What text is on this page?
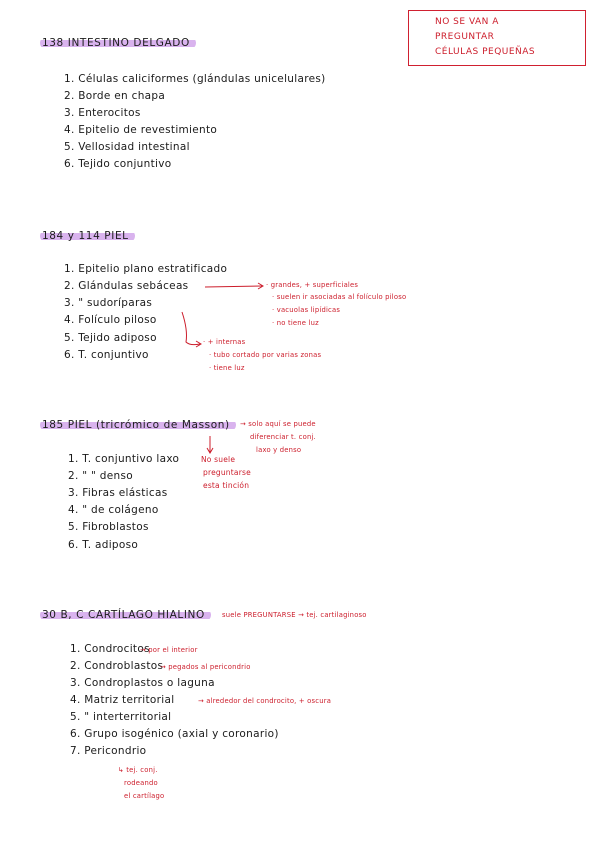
NO SE VAN A
PREGUNTAR
CÉLULAS PEQUEÑAS
138 INTESTINO DELGADO
1. Células caliciformes (glándulas unicelulares)
2. Borde en chapa
3. Enterocitos
4. Epitelio de revestimiento
5. Vellosidad intestinal
6. Tejido conjuntivo
184 y 114 PIEL
1. Epitelio plano estratificado
2. Glándulas sebáceas
3. " sudoríparas
4. Folículo piloso
5. Tejido adiposo
6. T. conjuntivo
· grandes, + superficiales
· suelen ir asociadas al folículo piloso
· vacuolas lipídicas
· no tiene luz
· + internas
· tubo cortado por varias zonas
· tiene luz
185 PIEL (tricrómico de Masson)	→ solo aquí se puede
diferenciar t. conj.
laxo y denso
1. T. conjuntivo laxo
2. " " denso
3. Fibras elásticas
4. " de colágeno
5. Fibroblastos
6. T. adiposo
No suele
preguntarse
esta tinción
30 B, C CARTÍLAGO HIALINO	suele PREGUNTARSE → tej. cartilaginoso
1. Condrocitos
2. Condroblastos
3. Condroplastos o laguna
4. Matriz territorial
5. " interterritorial
6. Grupo isogénico (axial y coronario)
7. Pericondrio
→ por el interior
→ pegados al pericondrio
→ alrededor del condrocito, + oscura
↳ tej. conj.
rodeando
el cartílago
